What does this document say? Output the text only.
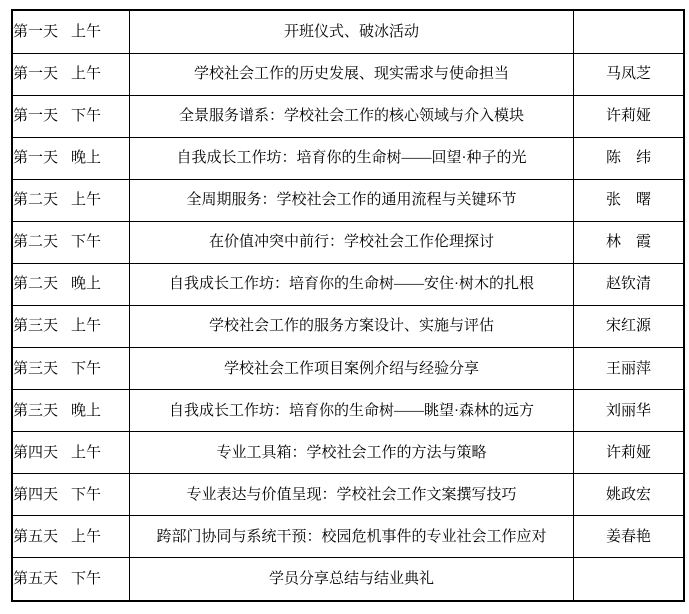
第一天 上午	开班仪式、破冰活动	
第一天 上午	学校社会工作的历史发展、现实需求与使命担当	马凤芝
第一天 下午	全景服务谱系：学校社会工作的核心领域与介入模块	许莉娅
第一天 晚上	自我成长工作坊：培育你的生命树——回望·种子的光	陈　纬
第二天 上午	全周期服务：学校社会工作的通用流程与关键环节	张　曙
第二天 下午	在价值冲突中前行：学校社会工作伦理探讨	林　霞
第二天 晚上	自我成长工作坊：培育你的生命树——安住·树木的扎根	赵钦清
第三天 上午	学校社会工作的服务方案设计、实施与评估	宋红源
第三天 下午	学校社会工作项目案例介绍与经验分享	王丽萍
第三天 晚上	自我成长工作坊：培育你的生命树——眺望·森林的远方	刘丽华
第四天 上午	专业工具箱：学校社会工作的方法与策略	许莉娅
第四天 下午	专业表达与价值呈现：学校社会工作文案撰写技巧	姚政宏
第五天 上午	跨部门协同与系统干预：校园危机事件的专业社会工作应对	姜春艳
第五天 下午	学员分享总结与结业典礼	
